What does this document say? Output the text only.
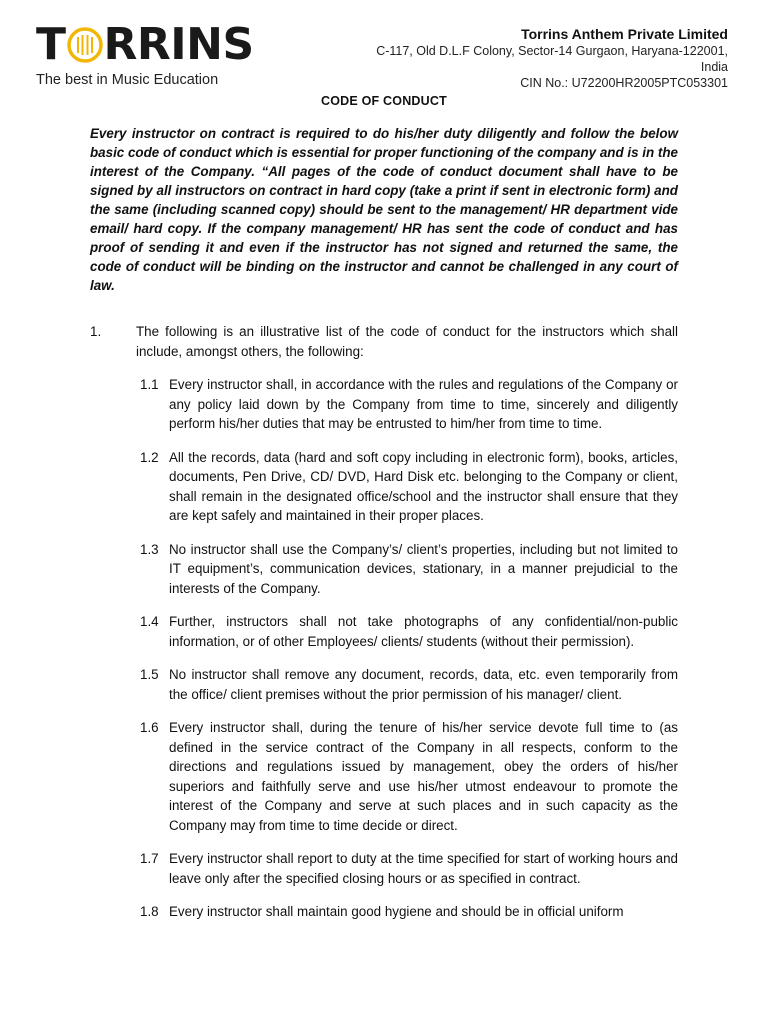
T RRINS
The best in Music Education
Torrins Anthem Private Limited
C-117, Old D.L.F Colony, Sector-14 Gurgaon, Haryana-122001,
India
CIN No.: U72200HR2005PTC053301
CODE OF CONDUCT
Every instructor on contract is required to do his/her duty diligently and follow the below basic code of conduct which is essential for proper functioning of the company and is in the interest of the Company. “All pages of the code of conduct document shall have to be signed by all instructors on contract in hard copy (take a print if sent in electronic form) and the same (including scanned copy) should be sent to the management/ HR department vide email/ hard copy. If the company management/ HR has sent the code of conduct and has proof of sending it and even if the instructor has not signed and returned the same, the code of conduct will be binding on the instructor and cannot be challenged in any court of law.
1.	The following is an illustrative list of the code of conduct for the instructors which shall include, amongst others, the following:
1.1 Every instructor shall, in accordance with the rules and regulations of the Company or any policy laid down by the Company from time to time, sincerely and diligently perform his/her duties that may be entrusted to him/her from time to time.
1.2 All the records, data (hard and soft copy including in electronic form), books, articles, documents, Pen Drive, CD/ DVD, Hard Disk etc. belonging to the Company or client, shall remain in the designated office/school and the instructor shall ensure that they are kept safely and maintained in their proper places.
1.3 No instructor shall use the Company’s/ client’s properties, including but not limited to IT equipment’s, communication devices, stationary, in a manner prejudicial to the interests of the Company.
1.4 Further, instructors shall not take photographs of any confidential/non-public information, or of other Employees/ clients/ students (without their permission).
1.5 No instructor shall remove any document, records, data, etc. even temporarily from the office/ client premises without the prior permission of his manager/ client.
1.6 Every instructor shall, during the tenure of his/her service devote full time to (as defined in the service contract of the Company in all respects, conform to the directions and regulations issued by management, obey the orders of his/her superiors and faithfully serve and use his/her utmost endeavour to promote the interest of the Company and serve at such places and in such capacity as the Company may from time to time decide or direct.
1.7 Every instructor shall report to duty at the time specified for start of working hours and leave only after the specified closing hours or as specified in contract.
1.8 Every instructor shall maintain good hygiene and should be in official uniform
